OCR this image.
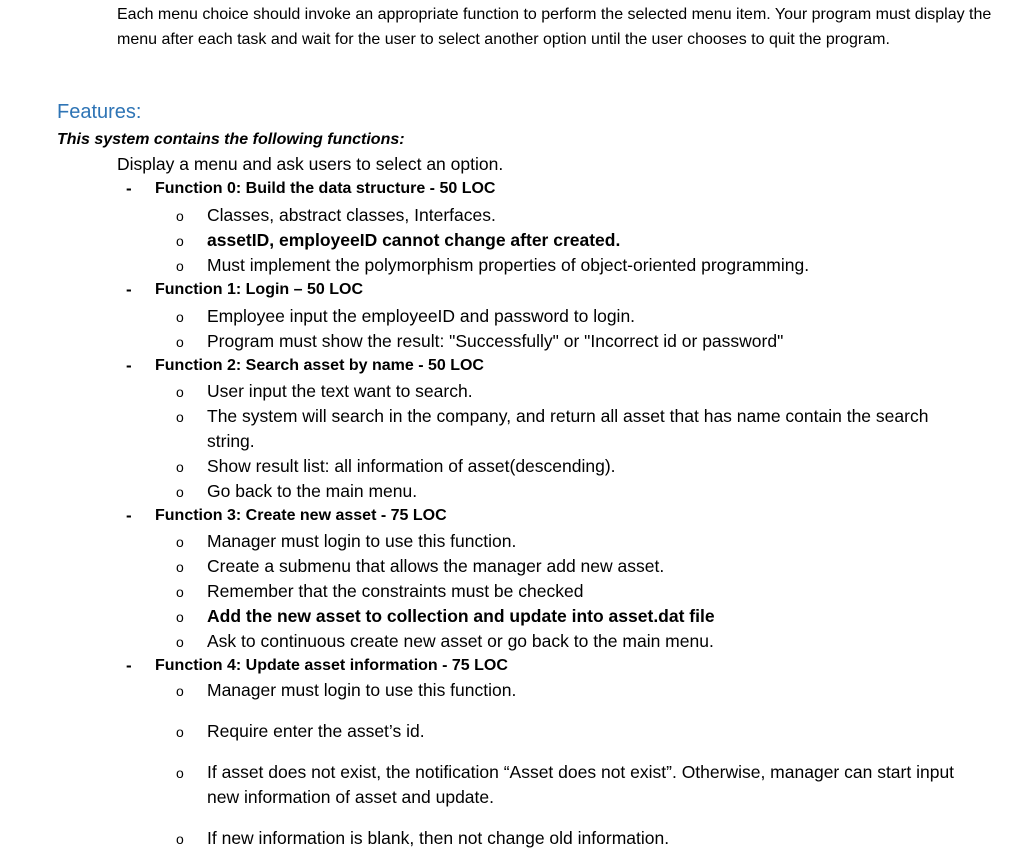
Each menu choice should invoke an appropriate function to perform the selected menu item. Your program must display the menu after each task and wait for the user to select another option until the user chooses to quit the program.
Features:
This system contains the following functions:
Display a menu and ask users to select an option.
- Function 0: Build the data structure - 50 LOC
o Classes, abstract classes, Interfaces.
o assetID, employeeID cannot change after created.
o Must implement the polymorphism properties of object-oriented programming.
- Function 1: Login – 50 LOC
o Employee input the employeeID and password to login.
o Program must show the result: "Successfully" or "Incorrect id or password"
- Function 2: Search asset by name - 50 LOC
o User input the text want to search.
o The system will search in the company, and return all asset that has name contain the search string.
o Show result list: all information of asset(descending).
o Go back to the main menu.
- Function 3: Create new asset - 75 LOC
o Manager must login to use this function.
o Create a submenu that allows the manager add new asset.
o Remember that the constraints must be checked
o Add the new asset to collection and update into asset.dat file
o Ask to continuous create new asset or go back to the main menu.
- Function 4: Update asset information - 75 LOC
o Manager must login to use this function.
o Require enter the asset’s id.
o If asset does not exist, the notification “Asset does not exist”. Otherwise, manager can start input new information of asset and update.
o If new information is blank, then not change old information.
